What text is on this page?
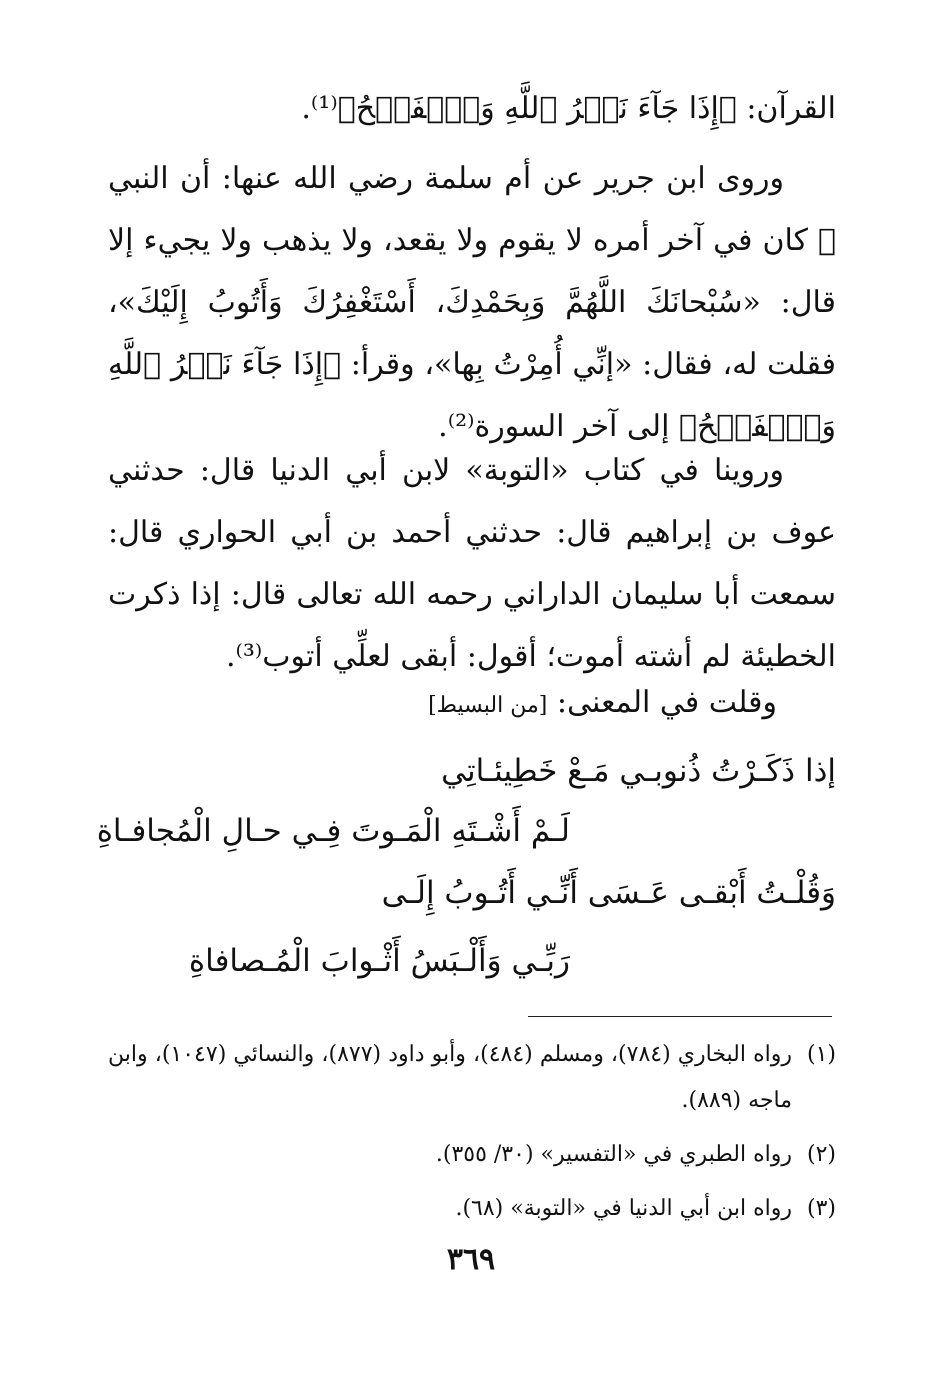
القرآن: ﴿إِذَا جَآءَ نَصۡرُ ٱللَّهِ وَٱلۡفَتۡحُ﴾⁽¹⁾.

وروى ابن جرير عن أم سلمة رضي الله عنها: أن النبي ﷺ كان في آخر أمره لا يقوم ولا يقعد، ولا يذهب ولا يجيء إلا قال: «سُبْحانَكَ اللَّهُمَّ وَبِحَمْدِكَ، أَسْتَغْفِرُكَ وَأَتُوبُ إِلَيْكَ»، فقلت له، فقال: «إنِّي أُمِرْتُ بِها»، وقرأ: ﴿إِذَا جَآءَ نَصۡرُ ٱللَّهِ وَٱلۡفَتۡحُ﴾ إلى آخر السورة⁽²⁾.

وروينا في كتاب «التوبة» لابن أبي الدنيا قال: حدثني عوف بن إبراهيم قال: حدثني أحمد بن أبي الحواري قال: سمعت أبا سليمان الداراني رحمه الله تعالى قال: إذا ذكرت الخطيئة لم أشته أموت؛ أقول: أبقى لعلِّي أتوب⁽³⁾.

وقلت في المعنى: [من البسيط]
إذا ذَكَـرْتُ ذُنوبـي مَـعْ خَطِيئـاتِي
لَـمْ أَشْـتَهِ الْمَـوتَ فِـي حـالِ الْمُجافـاةِ
وَقُلْـتُ أَبْقـى عَـسَى أَنِّـي أَتُـوبُ إِلَـى
رَبِّـي وَأَلْـبَسُ أَثْـوابَ الْمُـصافاةِ

(١)
رواه البخاري (٧٨٤)، ومسلم (٤٨٤)، وأبو داود (٨٧٧)، والنسائي (١٠٤٧)، وابن ماجه (٨٨٩).

(٢)
رواه الطبري في «التفسير» (٣٠/ ٣٥٥).

(٣)
رواه ابن أبي الدنيا في «التوبة» (٦٨).

٣٦٩
